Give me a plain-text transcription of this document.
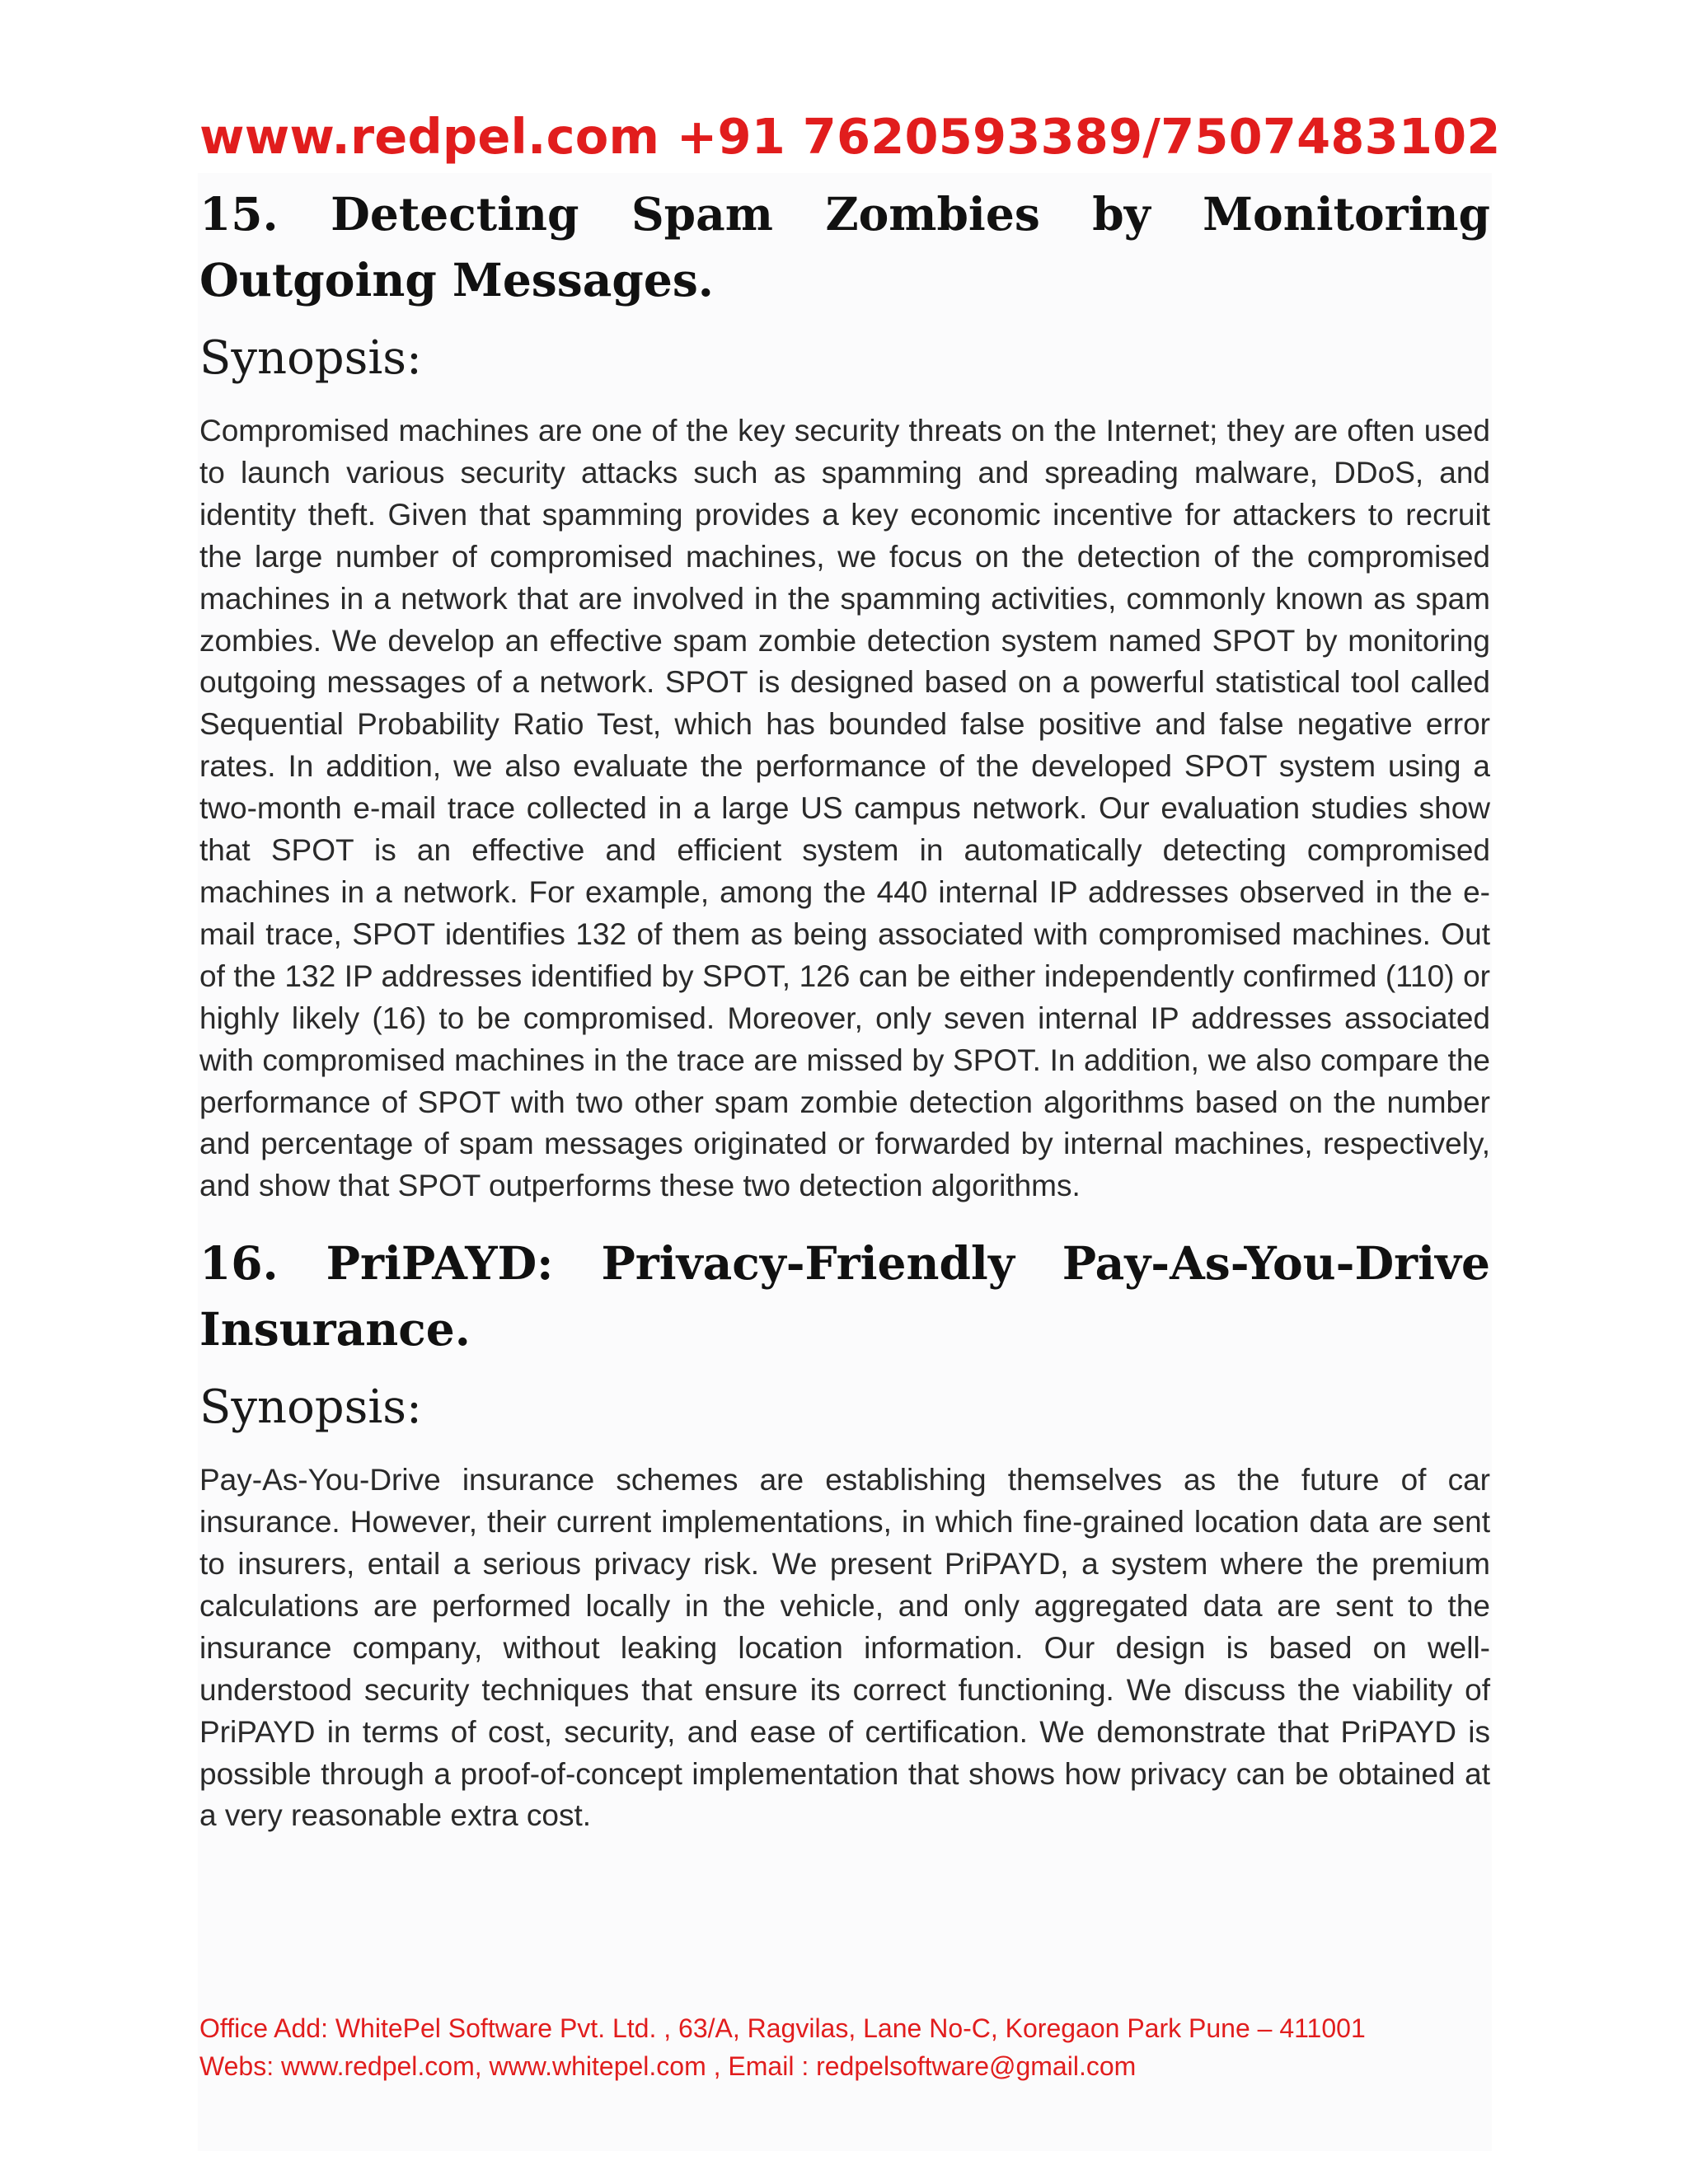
www.redpel.com +91 7620593389/7507483102

15. Detecting Spam Zombies by Monitoring Outgoing Messages.

Synopsis:

Compromised machines are one of the key security threats on the Internet; they are often used to launch various security attacks such as spamming and spreading malware, DDoS, and identity theft. Given that spamming provides a key economic incentive for attackers to recruit the large number of compromised machines, we focus on the detection of the compromised machines in a network that are involved in the spamming activities, commonly known as spam zombies. We develop an effective spam zombie detection system named SPOT by monitoring outgoing messages of a network. SPOT is designed based on a powerful statistical tool called Sequential Probability Ratio Test, which has bounded false positive and false negative error rates. In addition, we also evaluate the performance of the developed SPOT system using a two-month e-mail trace collected in a large US campus network. Our evaluation studies show that SPOT is an effective and efficient system in automatically detecting compromised machines in a network. For example, among the 440 internal IP addresses observed in the e-mail trace, SPOT identifies 132 of them as being associated with compromised machines. Out of the 132 IP addresses identified by SPOT, 126 can be either independently confirmed (110) or highly likely (16) to be compromised. Moreover, only seven internal IP addresses associated with compromised machines in the trace are missed by SPOT. In addition, we also compare the performance of SPOT with two other spam zombie detection algorithms based on the number and percentage of spam messages originated or forwarded by internal machines, respectively, and show that SPOT outperforms these two detection algorithms.

16. PriPAYD: Privacy-Friendly Pay-As-You-Drive Insurance.

Synopsis:

Pay-As-You-Drive insurance schemes are establishing themselves as the future of car insurance. However, their current implementations, in which fine-grained location data are sent to insurers, entail a serious privacy risk. We present PriPAYD, a system where the premium calculations are performed locally in the vehicle, and only aggregated data are sent to the insurance company, without leaking location information. Our design is based on well-understood security techniques that ensure its correct functioning. We discuss the viability of PriPAYD in terms of cost, security, and ease of certification. We demonstrate that PriPAYD is possible through a proof-of-concept implementation that shows how privacy can be obtained at a very reasonable extra cost.

Office Add: WhitePel Software Pvt. Ltd. , 63/A, Ragvilas, Lane No-C, Koregaon Park Pune – 411001

Webs: www.redpel.com, www.whitepel.com , Email : redpelsoftware@gmail.com
